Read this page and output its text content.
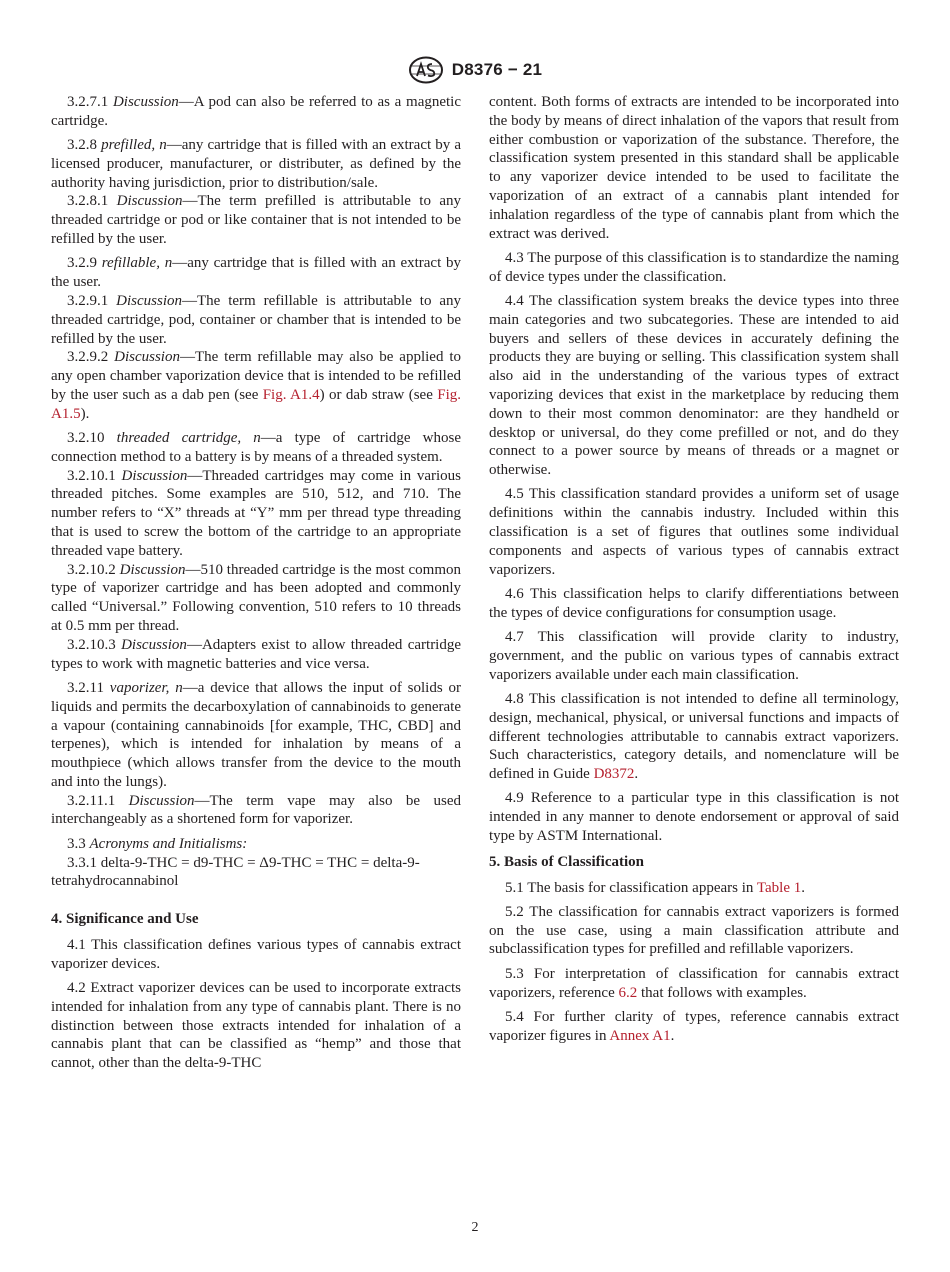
D8376 − 21

3.2.7.1 Discussion—A pod can also be referred to as a magnetic cartridge.

3.2.8 prefilled, n—any cartridge that is filled with an extract by a licensed producer, manufacturer, or distributer, as defined by the authority having jurisdiction, prior to distribution/sale.

3.2.8.1 Discussion—The term prefilled is attributable to any threaded cartridge or pod or like container that is not intended to be refilled by the user.

3.2.9 refillable, n—any cartridge that is filled with an extract by the user.

3.2.9.1 Discussion—The term refillable is attributable to any threaded cartridge, pod, container or chamber that is intended to be refilled by the user.

3.2.9.2 Discussion—The term refillable may also be applied to any open chamber vaporization device that is intended to be refilled by the user such as a dab pen (see Fig. A1.4) or dab straw (see Fig. A1.5).

3.2.10 threaded cartridge, n—a type of cartridge whose connection method to a battery is by means of a threaded system.

3.2.10.1 Discussion—Threaded cartridges may come in various threaded pitches. Some examples are 510, 512, and 710. The number refers to “X” threads at “Y” mm per thread type threading that is used to screw the bottom of the cartridge to an appropriate threaded vape battery.

3.2.10.2 Discussion—510 threaded cartridge is the most common type of vaporizer cartridge and has been adopted and commonly called “Universal.” Following convention, 510 refers to 10 threads at 0.5 mm per thread.

3.2.10.3 Discussion—Adapters exist to allow threaded cartridge types to work with magnetic batteries and vice versa.

3.2.11 vaporizer, n—a device that allows the input of solids or liquids and permits the decarboxylation of cannabinoids to generate a vapour (containing cannabinoids [for example, THC, CBD] and terpenes), which is intended for inhalation by means of a mouthpiece (which allows transfer from the device to the mouth and into the lungs).

3.2.11.1 Discussion—The term vape may also be used interchangeably as a shortened form for vaporizer.

3.3 Acronyms and Initialisms:

3.3.1 delta-9-THC = d9-THC = Δ9-THC = THC = delta-9-tetrahydrocannabinol

4. Significance and Use

4.1 This classification defines various types of cannabis extract vaporizer devices.

4.2 Extract vaporizer devices can be used to incorporate extracts intended for inhalation from any type of cannabis plant. There is no distinction between those extracts intended for inhalation of a cannabis plant that can be classified as “hemp” and those that cannot, other than the delta-9-THC

content. Both forms of extracts are intended to be incorporated into the body by means of direct inhalation of the vapors that result from either combustion or vaporization of the substance. Therefore, the classification system presented in this standard shall be applicable to any vaporizer device intended to be used to facilitate the vaporization of an extract of a cannabis plant intended for inhalation regardless of the type of cannabis plant from which the extract was derived.

4.3 The purpose of this classification is to standardize the naming of device types under the classification.

4.4 The classification system breaks the device types into three main categories and two subcategories. These are intended to aid buyers and sellers of these devices in accurately defining the products they are buying or selling. This classification system shall also aid in the understanding of the various types of extract vaporizing devices that exist in the marketplace by reducing them down to their most common denominator: are they handheld or desktop or universal, do they come prefilled or not, and do they connect to a power source by means of threads or a magnet or otherwise.

4.5 This classification standard provides a uniform set of usage definitions within the cannabis industry. Included within this classification is a set of figures that outlines some individual components and aspects of various types of cannabis extract vaporizers.

4.6 This classification helps to clarify differentiations between the types of device configurations for consumption usage.

4.7 This classification will provide clarity to industry, government, and the public on various types of cannabis extract vaporizers available under each main classification.

4.8 This classification is not intended to define all terminology, design, mechanical, physical, or universal functions and impacts of different technologies attributable to cannabis extract vaporizers. Such characteristics, category details, and nomenclature will be defined in Guide D8372.

4.9 Reference to a particular type in this classification is not intended in any manner to denote endorsement or approval of said type by ASTM International.

5. Basis of Classification

5.1 The basis for classification appears in Table 1.

5.2 The classification for cannabis extract vaporizers is formed on the use case, using a main classification attribute and subclassification types for prefilled and refillable vaporizers.

5.3 For interpretation of classification for cannabis extract vaporizers, reference 6.2 that follows with examples.

5.4 For further clarity of types, reference cannabis extract vaporizer figures in Annex A1.

2
